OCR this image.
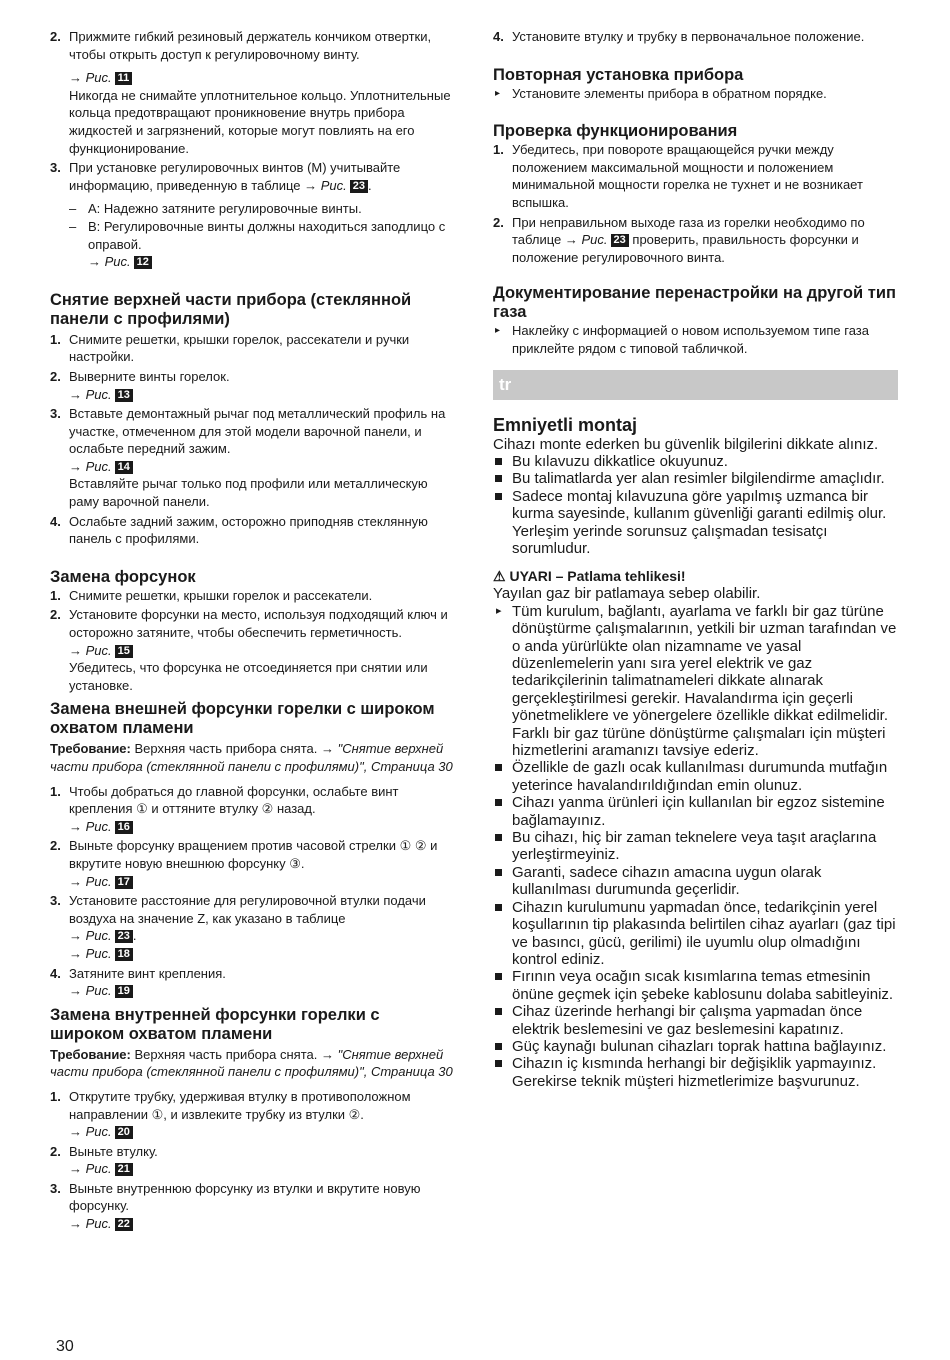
2. Прижмите гибкий резиновый держатель кончиком отвертки, чтобы открыть доступ к регулировочному винту.
→ Рис. 11
Никогда не снимайте уплотнительное кольцо. Уплотнительные кольца предотвращают проникновение внутрь прибора жидкостей и загрязнений, которые могут повлиять на его функционирование.
3. При установке регулировочных винтов (M) учитывайте информацию, приведенную в таблице → Рис. 23 .
– A: Надежно затяните регулировочные винты.
– B: Регулировочные винты должны находиться заподлицо с оправой.
→ Рис. 12
Снятие верхней части прибора (стеклянной панели с профилями)
1. Снимите решетки, крышки горелок, рассекатели и ручки настройки.
2. Выверните винты горелок.
→ Рис. 13
3. Вставьте демонтажный рычаг под металлический профиль на участке, отмеченном для этой модели варочной панели, и ослабьте передний зажим.
→ Рис. 14
Вставляйте рычаг только под профили или металлическую раму варочной панели.
4. Ослабьте задний зажим, осторожно приподняв стеклянную панель с профилями.
Замена форсунок
1. Снимите решетки, крышки горелок и рассекатели.
2. Установите форсунки на место, используя подходящий ключ и осторожно затяните, чтобы обеспечить герметичность.
→ Рис. 15
Убедитесь, что форсунка не отсоединяется при снятии или установке.
Замена внешней форсунки горелки с широком охватом пламени
Требование: Верхняя часть прибора снята. → "Снятие верхней части прибора (стеклянной панели с профилями)", Страница 30
1. Чтобы добраться до главной форсунки, ослабьте винт крепления ① и оттяните втулку ② назад.
→ Рис. 16
2. Выньте форсунку вращением против часовой стрелки ① ② и вкрутите новую внешнюю форсунку ③.
→ Рис. 17
3. Установите расстояние для регулировочной втулки подачи воздуха на значение Z, как указано в таблице
→ Рис. 23 .
→ Рис. 18
4. Затяните винт крепления.
→ Рис. 19
Замена внутренней форсунки горелки с широком охватом пламени
Требование: Верхняя часть прибора снята. → "Снятие верхней части прибора (стеклянной панели с профилями)", Страница 30
1. Открутите трубку, удерживая втулку в противоположном направлении ①, и извлеките трубку из втулки ②.
→ Рис. 20
2. Выньте втулку.
→ Рис. 21
3. Выньте внутреннюю форсунку из втулки и вкрутите новую форсунку.
→ Рис. 22
4. Установите втулку и трубку в первоначальное положение.
Повторная установка прибора
▸ Установите элементы прибора в обратном порядке.
Проверка функционирования
1. Убедитесь, при повороте вращающейся ручки между положением максимальной мощности и положением минимальной мощности горелка не тухнет и не возникает вспышка.
2. При неправильном выходе газа из горелки необходимо по таблице → Рис. 23 проверить, правильность форсунки и положение регулировочного винта.
Документирование перенастройки на другой тип газа
▸ Наклейку с информацией о новом используемом типе газа приклейте рядом с типовой табличкой.
tr
Emniyetli montaj
Cihazı monte ederken bu güvenlik bilgilerini dikkate alınız.
Bu kılavuzu dikkatlice okuyunuz.
Bu talimatlarda yer alan resimler bilgilendirme amaçlıdır.
Sadece montaj kılavuzuna göre yapılmış uzmanca bir kurma sayesinde, kullanım güvenliği garanti edilmiş olur. Yerleşim yerinde sorunsuz çalışmadan tesisatçı sorumludur.
⚠ UYARI – Patlama tehlikesi!
Yayılan gaz bir patlamaya sebep olabilir.
▸ Tüm kurulum, bağlantı, ayarlama ve farklı bir gaz türüne dönüştürme çalışmalarının, yetkili bir uzman tarafından ve o anda yürürlükte olan nizamname ve yasal düzenlemelerin yanı sıra yerel elektrik ve gaz tedarikçilerinin talimatnameleri dikkate alınarak gerçekleştirilmesi gerekir. Havalandırma için geçerli yönetmeliklere ve yönergelere özellikle dikkat edilmelidir. Farklı bir gaz türüne dönüştürme çalışmaları için müşteri hizmetlerini aramanızı tavsiye ederiz.
Özellikle de gazlı ocak kullanılması durumunda mutfağın yeterince havalandırıldığından emin olunuz.
Cihazı yanma ürünleri için kullanılan bir egzoz sistemine bağlamayınız.
Bu cihazı, hiç bir zaman teknelere veya taşıt araçlarına yerleştirmeyiniz.
Garanti, sadece cihazın amacına uygun olarak kullanılması durumunda geçerlidir.
Cihazın kurulumunu yapmadan önce, tedarikçinin yerel koşullarının tip plakasında belirtilen cihaz ayarları (gaz tipi ve basıncı, gücü, gerilimi) ile uyumlu olup olmadığını kontrol ediniz.
Fırının veya ocağın sıcak kısımlarına temas etmesinin önüne geçmek için şebeke kablosunu dolaba sabitleyiniz.
Cihaz üzerinde herhangi bir çalışma yapmadan önce elektrik beslemesini ve gaz beslemesini kapatınız.
Güç kaynağı bulunan cihazları toprak hattına bağlayınız.
Cihazın iç kısmında herhangi bir değişiklik yapmayınız. Gerekirse teknik müşteri hizmetlerimize başvurunuz.
30
